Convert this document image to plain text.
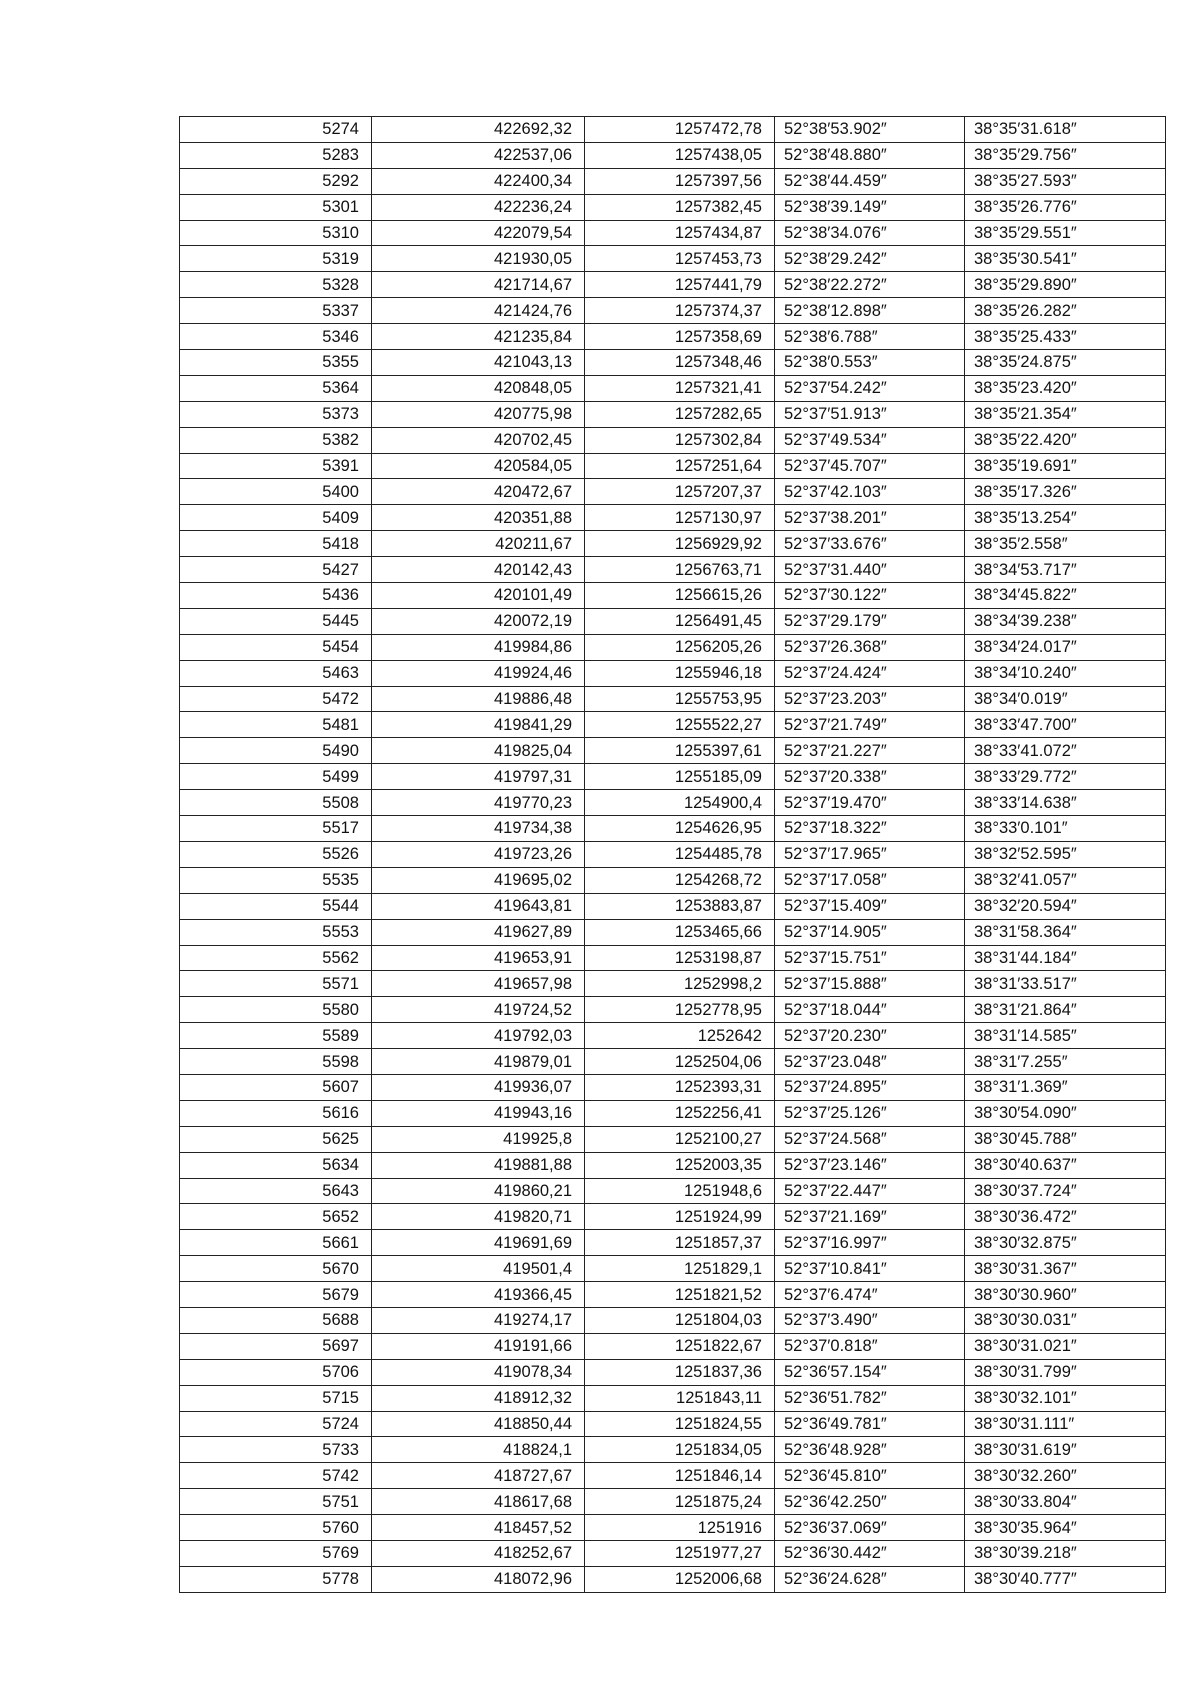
5274	422692,32	1257472,78	52°38′53.902″	38°35′31.618″
5283	422537,06	1257438,05	52°38′48.880″	38°35′29.756″
5292	422400,34	1257397,56	52°38′44.459″	38°35′27.593″
5301	422236,24	1257382,45	52°38′39.149″	38°35′26.776″
5310	422079,54	1257434,87	52°38′34.076″	38°35′29.551″
5319	421930,05	1257453,73	52°38′29.242″	38°35′30.541″
5328	421714,67	1257441,79	52°38′22.272″	38°35′29.890″
5337	421424,76	1257374,37	52°38′12.898″	38°35′26.282″
5346	421235,84	1257358,69	52°38′6.788″	38°35′25.433″
5355	421043,13	1257348,46	52°38′0.553″	38°35′24.875″
5364	420848,05	1257321,41	52°37′54.242″	38°35′23.420″
5373	420775,98	1257282,65	52°37′51.913″	38°35′21.354″
5382	420702,45	1257302,84	52°37′49.534″	38°35′22.420″
5391	420584,05	1257251,64	52°37′45.707″	38°35′19.691″
5400	420472,67	1257207,37	52°37′42.103″	38°35′17.326″
5409	420351,88	1257130,97	52°37′38.201″	38°35′13.254″
5418	420211,67	1256929,92	52°37′33.676″	38°35′2.558″
5427	420142,43	1256763,71	52°37′31.440″	38°34′53.717″
5436	420101,49	1256615,26	52°37′30.122″	38°34′45.822″
5445	420072,19	1256491,45	52°37′29.179″	38°34′39.238″
5454	419984,86	1256205,26	52°37′26.368″	38°34′24.017″
5463	419924,46	1255946,18	52°37′24.424″	38°34′10.240″
5472	419886,48	1255753,95	52°37′23.203″	38°34′0.019″
5481	419841,29	1255522,27	52°37′21.749″	38°33′47.700″
5490	419825,04	1255397,61	52°37′21.227″	38°33′41.072″
5499	419797,31	1255185,09	52°37′20.338″	38°33′29.772″
5508	419770,23	1254900,4	52°37′19.470″	38°33′14.638″
5517	419734,38	1254626,95	52°37′18.322″	38°33′0.101″
5526	419723,26	1254485,78	52°37′17.965″	38°32′52.595″
5535	419695,02	1254268,72	52°37′17.058″	38°32′41.057″
5544	419643,81	1253883,87	52°37′15.409″	38°32′20.594″
5553	419627,89	1253465,66	52°37′14.905″	38°31′58.364″
5562	419653,91	1253198,87	52°37′15.751″	38°31′44.184″
5571	419657,98	1252998,2	52°37′15.888″	38°31′33.517″
5580	419724,52	1252778,95	52°37′18.044″	38°31′21.864″
5589	419792,03	1252642	52°37′20.230″	38°31′14.585″
5598	419879,01	1252504,06	52°37′23.048″	38°31′7.255″
5607	419936,07	1252393,31	52°37′24.895″	38°31′1.369″
5616	419943,16	1252256,41	52°37′25.126″	38°30′54.090″
5625	419925,8	1252100,27	52°37′24.568″	38°30′45.788″
5634	419881,88	1252003,35	52°37′23.146″	38°30′40.637″
5643	419860,21	1251948,6	52°37′22.447″	38°30′37.724″
5652	419820,71	1251924,99	52°37′21.169″	38°30′36.472″
5661	419691,69	1251857,37	52°37′16.997″	38°30′32.875″
5670	419501,4	1251829,1	52°37′10.841″	38°30′31.367″
5679	419366,45	1251821,52	52°37′6.474″	38°30′30.960″
5688	419274,17	1251804,03	52°37′3.490″	38°30′30.031″
5697	419191,66	1251822,67	52°37′0.818″	38°30′31.021″
5706	419078,34	1251837,36	52°36′57.154″	38°30′31.799″
5715	418912,32	1251843,11	52°36′51.782″	38°30′32.101″
5724	418850,44	1251824,55	52°36′49.781″	38°30′31.111″
5733	418824,1	1251834,05	52°36′48.928″	38°30′31.619″
5742	418727,67	1251846,14	52°36′45.810″	38°30′32.260″
5751	418617,68	1251875,24	52°36′42.250″	38°30′33.804″
5760	418457,52	1251916	52°36′37.069″	38°30′35.964″
5769	418252,67	1251977,27	52°36′30.442″	38°30′39.218″
5778	418072,96	1252006,68	52°36′24.628″	38°30′40.777″
